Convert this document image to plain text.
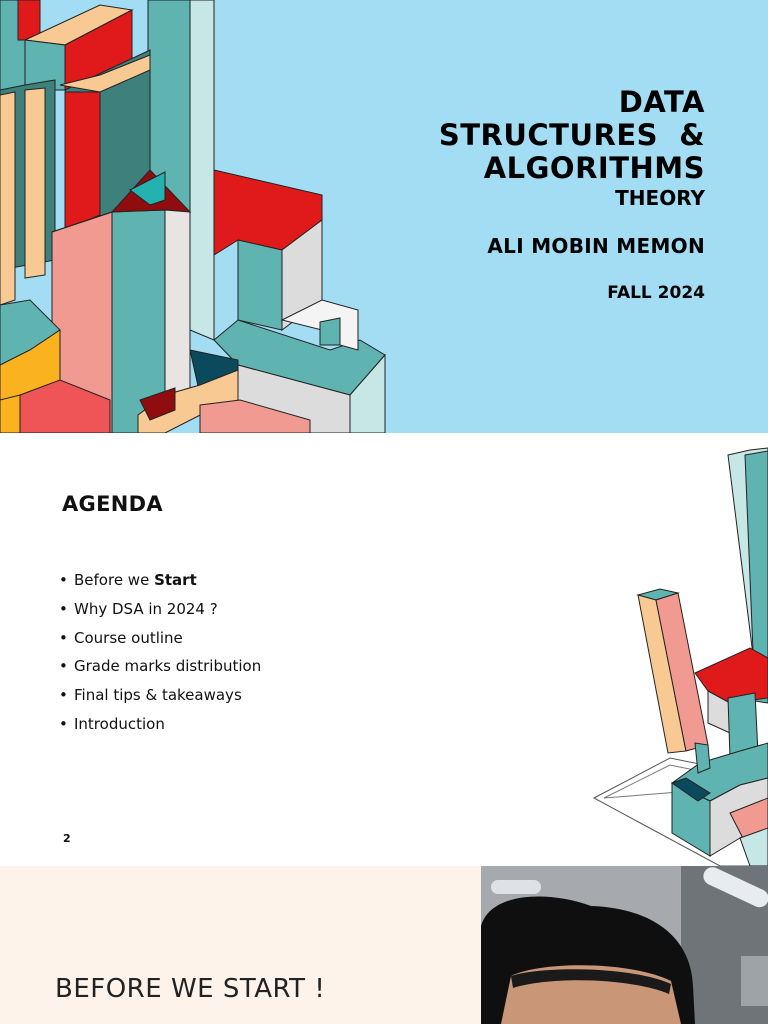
DATA
STRUCTURES  &
ALGORITHMS
THEORY
ALI MOBIN MEMON
FALL 2024
AGENDA
• Before we Start
• Why DSA in 2024 ?
• Course outline
• Grade marks distribution
• Final tips & takeaways
• Introduction
2
BEFORE WE START !
